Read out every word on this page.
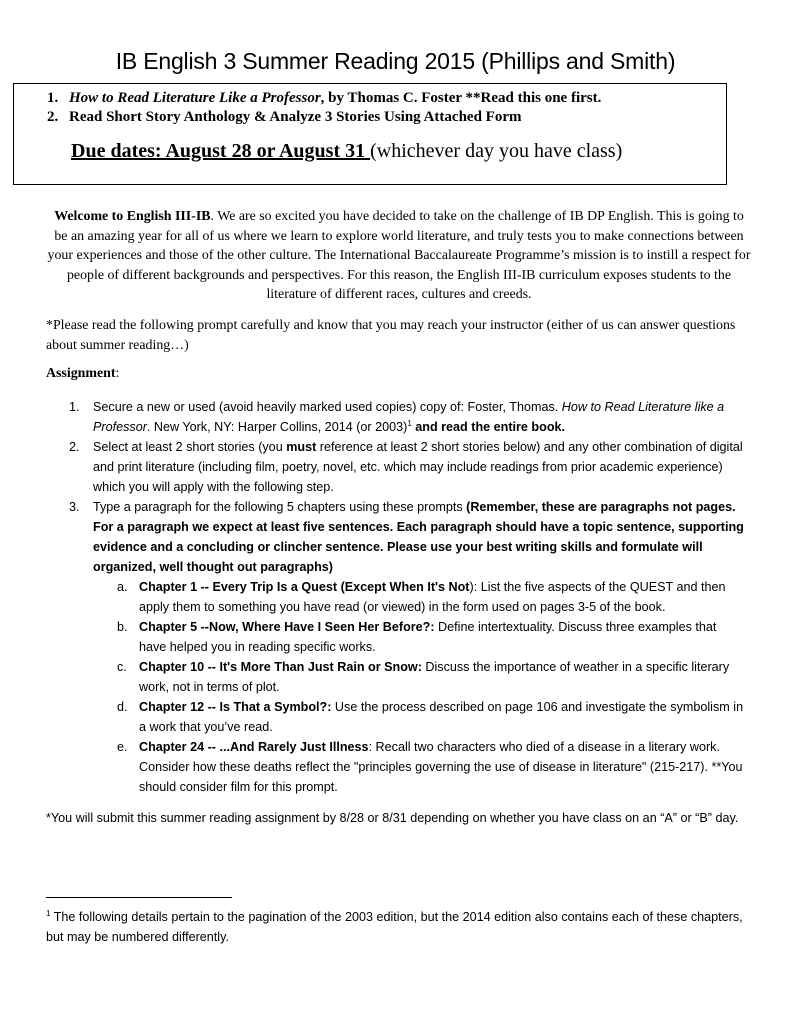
IB English 3 Summer Reading 2015 (Phillips and Smith)
1. How to Read Literature Like a Professor, by Thomas C. Foster **Read this one first.
2. Read Short Story Anthology & Analyze 3 Stories Using Attached Form
Due dates: August 28 or August 31 (whichever day you have class)
Welcome to English III-IB. We are so excited you have decided to take on the challenge of IB DP English. This is going to be an amazing year for all of us where we learn to explore world literature, and truly tests you to make connections between your experiences and those of the other culture. The International Baccalaureate Programme’s mission is to instill a respect for people of different backgrounds and perspectives. For this reason, the English III-IB curriculum exposes students to the literature of different races, cultures and creeds.
*Please read the following prompt carefully and know that you may reach your instructor (either of us can answer questions about summer reading…)
Assignment:
1. Secure a new or used (avoid heavily marked used copies) copy of: Foster, Thomas. How to Read Literature like a Professor. New York, NY: Harper Collins, 2014 (or 2003)$^1$ and read the entire book.
2. Select at least 2 short stories (you must reference at least 2 short stories below) and any other combination of digital and print literature (including film, poetry, novel, etc. which may include readings from prior academic experience) which you will apply with the following step.
3. Type a paragraph for the following 5 chapters using these prompts (Remember, these are paragraphs not pages. For a paragraph we expect at least five sentences. Each paragraph should have a topic sentence, supporting evidence and a concluding or clincher sentence. Please use your best writing skills and formulate will organized, well thought out paragraphs)
a. Chapter 1 -- Every Trip Is a Quest (Except When It's Not): List the five aspects of the QUEST and then apply them to something you have read (or viewed) in the form used on pages 3-5 of the book.
b. Chapter 5 --Now, Where Have I Seen Her Before?: Define intertextuality. Discuss three examples that have helped you in reading specific works.
c. Chapter 10 -- It's More Than Just Rain or Snow: Discuss the importance of weather in a specific literary work, not in terms of plot.
d. Chapter 12 -- Is That a Symbol?: Use the process described on page 106 and investigate the symbolism in a work that you’ve read.
e. Chapter 24 -- ...And Rarely Just Illness: Recall two characters who died of a disease in a literary work. Consider how these deaths reflect the "principles governing the use of disease in literature" (215-217). **You should consider film for this prompt.
*You will submit this summer reading assignment by 8/28 or 8/31 depending on whether you have class on an “A” or “B” day.
$^1$ The following details pertain to the pagination of the 2003 edition, but the 2014 edition also contains each of these chapters, but may be numbered differently.
